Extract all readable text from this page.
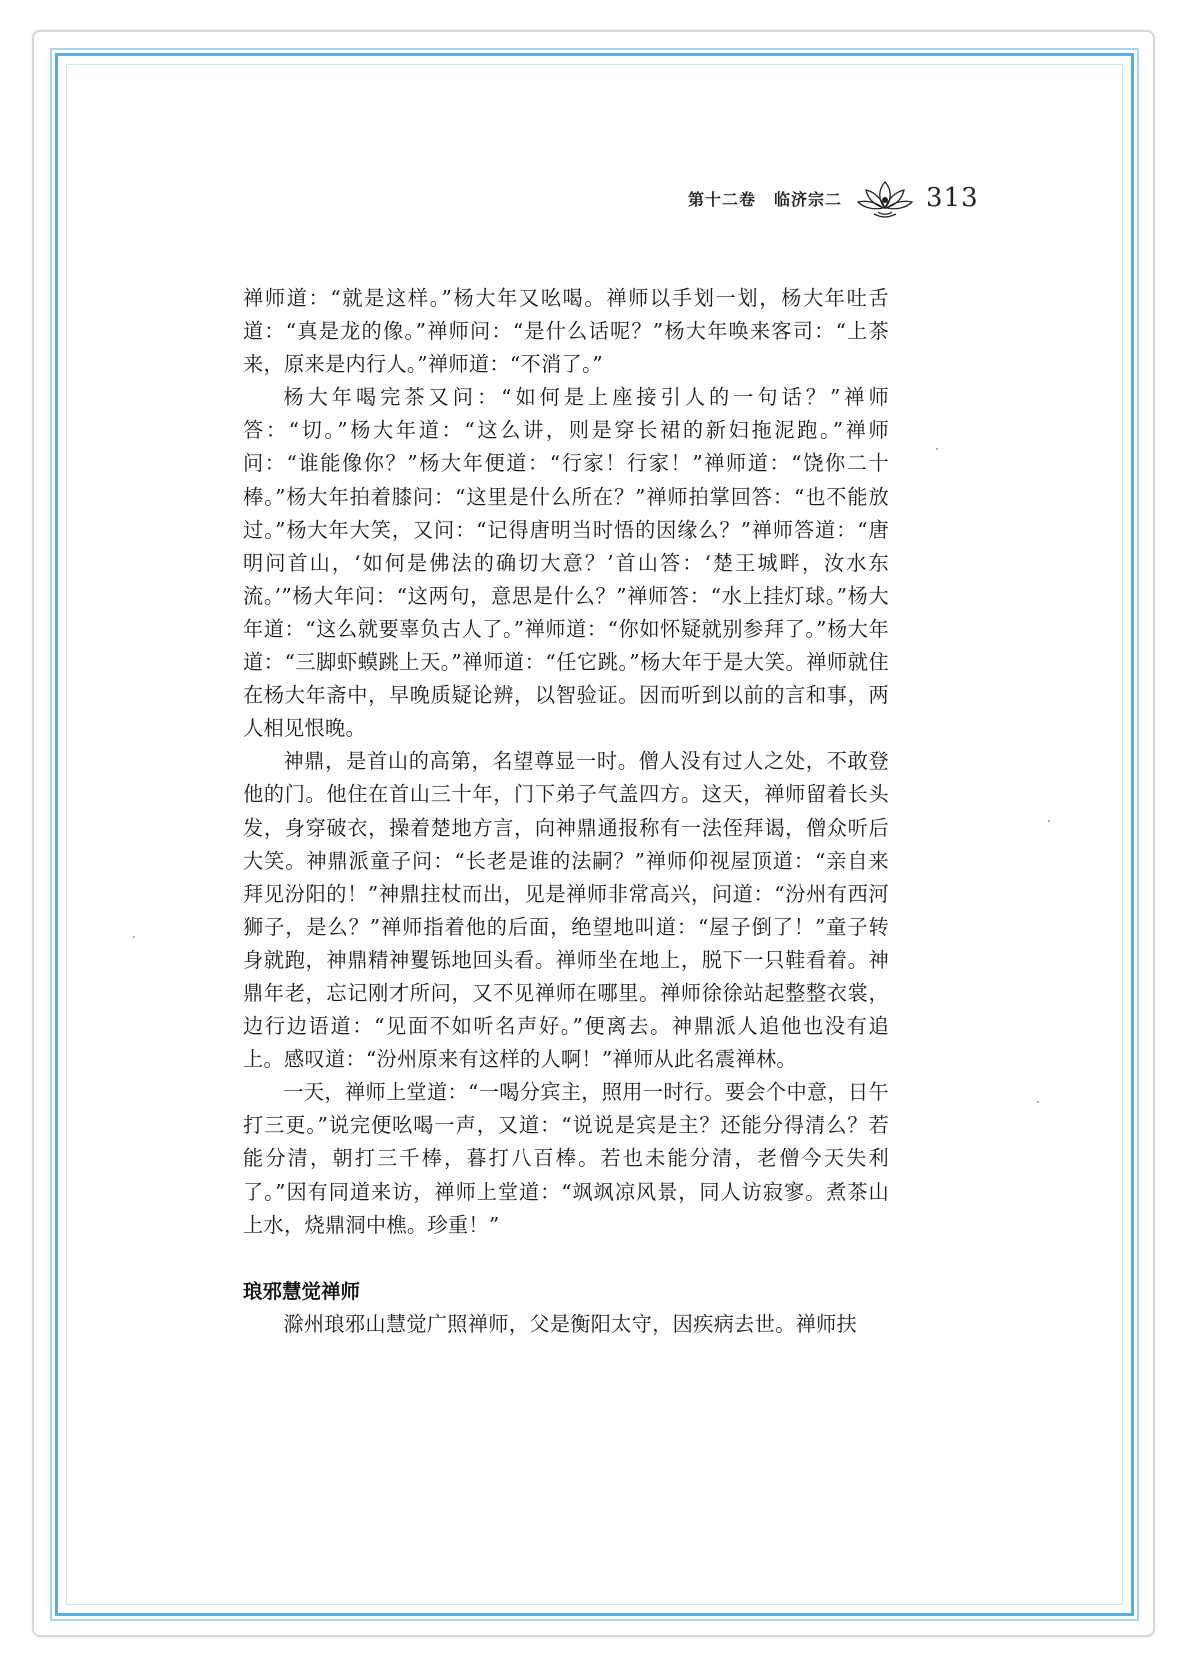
第十二卷 临济宗二	313

禅师道：“就是这样。”杨大年又吆喝。禅师以手划一划，杨大年吐舌道：“真是龙的像。”禅师问：“是什么话呢？”杨大年唤来客司：“上茶来，原来是内行人。”禅师道：“不消了。”

杨大年喝完茶又问：“如何是上座接引人的一句话？”禅师答：“切。”杨大年道：“这么讲，则是穿长裙的新妇拖泥跑。”禅师问：“谁能像你？”杨大年便道：“行家！行家！”禅师道：“饶你二十棒。”杨大年拍着膝问：“这里是什么所在？”禅师拍掌回答：“也不能放过。”杨大年大笑，又问：“记得唐明当时悟的因缘么？”禅师答道：“唐明问首山，‘如何是佛法的确切大意？’首山答：‘楚王城畔，汝水东流。’”杨大年问：“这两句，意思是什么？”禅师答：“水上挂灯球。”杨大年道：“这么就要辜负古人了。”禅师道：“你如怀疑就别参拜了。”杨大年道：“三脚虾蟆跳上天。”禅师道：“任它跳。”杨大年于是大笑。禅师就住在杨大年斋中，早晚质疑论辨，以智验证。因而听到以前的言和事，两人相见恨晚。

神鼎，是首山的高第，名望尊显一时。僧人没有过人之处，不敢登他的门。他住在首山三十年，门下弟子气盖四方。这天，禅师留着长头发，身穿破衣，操着楚地方言，向神鼎通报称有一法侄拜谒，僧众听后大笑。神鼎派童子问：“长老是谁的法嗣？”禅师仰视屋顶道：“亲自来拜见汾阳的！”神鼎拄杖而出，见是禅师非常高兴，问道：“汾州有西河狮子，是么？”禅师指着他的后面，绝望地叫道：“屋子倒了！”童子转身就跑，神鼎精神矍铄地回头看。禅师坐在地上，脱下一只鞋看着。神鼎年老，忘记刚才所问，又不见禅师在哪里。禅师徐徐站起整整衣裳，边行边语道：“见面不如听名声好。”便离去。神鼎派人追他也没有追上。感叹道：“汾州原来有这样的人啊！”禅师从此名震禅林。

一天，禅师上堂道：“一喝分宾主，照用一时行。要会个中意，日午打三更。”说完便吆喝一声，又道：“说说是宾是主？还能分得清么？若能分清，朝打三千棒，暮打八百棒。若也未能分清，老僧今天失利了。”因有同道来访，禅师上堂道：“飒飒凉风景，同人访寂寥。煮茶山上水，烧鼎洞中樵。珍重！”

琅邪慧觉禅师

滁州琅邪山慧觉广照禅师，父是衡阳太守，因疾病去世。禅师扶
